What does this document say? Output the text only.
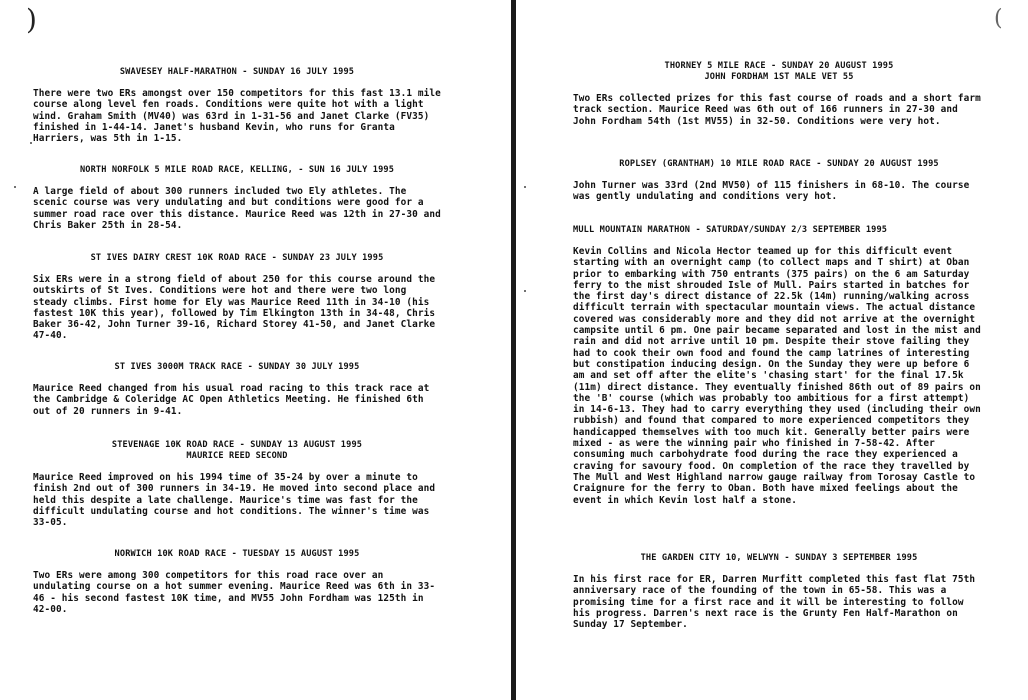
)
SWAVESEY HALF-MARATHON - SUNDAY 16 JULY 1995
There were two ERs amongst over 150 competitors for this fast 13.1 mile course along level fen roads. Conditions were quite hot with a light wind. Graham Smith (MV40) was 63rd in 1-31-56 and Janet Clarke (FV35) finished in 1-44-14. Janet's husband Kevin, who runs for Granta Harriers, was 5th in 1-15.
NORTH NORFOLK 5 MILE ROAD RACE, KELLING, - SUN 16 JULY 1995
A large field of about 300 runners included two Ely athletes. The scenic course was very undulating and but conditions were good for a summer road race over this distance. Maurice Reed was 12th in 27-30 and Chris Baker 25th in 28-54.
ST IVES DAIRY CREST 10K ROAD RACE - SUNDAY 23 JULY 1995
Six ERs were in a strong field of about 250 for this course around the outskirts of St Ives. Conditions were hot and there were two long steady climbs. First home for Ely was Maurice Reed 11th in 34-10 (his fastest 10K this year), followed by Tim Elkington 13th in 34-48, Chris Baker 36-42, John Turner 39-16, Richard Storey 41-50, and Janet Clarke 47-40.
ST IVES 3000M TRACK RACE - SUNDAY 30 JULY 1995
Maurice Reed changed from his usual road racing to this track race at the Cambridge & Coleridge AC Open Athletics Meeting. He finished 6th out of 20 runners in 9-41.
STEVENAGE 10K ROAD RACE - SUNDAY 13 AUGUST 1995
MAURICE REED SECOND
Maurice Reed improved on his 1994 time of 35-24 by over a minute to finish 2nd out of 300 runners in 34-19. He moved into second place and held this despite a late challenge. Maurice's time was fast for the difficult undulating course and hot conditions. The winner's time was 33-05.
NORWICH 10K ROAD RACE - TUESDAY 15 AUGUST 1995
Two ERs were among 300 competitors for this road race over an undulating course on a hot summer evening. Maurice Reed was 6th in 33-46 - his second fastest 10K time, and MV55 John Fordham was 125th in 42-00.
THORNEY 5 MILE RACE - SUNDAY 20 AUGUST 1995
JOHN FORDHAM 1ST MALE VET 55
Two ERs collected prizes for this fast course of roads and a short farm track section. Maurice Reed was 6th out of 166 runners in 27-30 and John Fordham 54th (1st MV55) in 32-50. Conditions were very hot.
ROPLSEY (GRANTHAM) 10 MILE ROAD RACE - SUNDAY 20 AUGUST 1995
John Turner was 33rd (2nd MV50) of 115 finishers in 68-10. The course was gently undulating and conditions very hot.
MULL MOUNTAIN MARATHON - SATURDAY/SUNDAY 2/3 SEPTEMBER 1995
Kevin Collins and Nicola Hector teamed up for this difficult event starting with an overnight camp (to collect maps and T shirt) at Oban prior to embarking with 750 entrants (375 pairs) on the 6 am Saturday ferry to the mist shrouded Isle of Mull. Pairs started in batches for the first day's direct distance of 22.5k (14m) running/walking across difficult terrain with spectacular mountain views. The actual distance covered was considerably more and they did not arrive at the overnight campsite until 6 pm. One pair became separated and lost in the mist and rain and did not arrive until 10 pm. Despite their stove failing they had to cook their own food and found the camp latrines of interesting but constipation inducing design. On the Sunday they were up before 6 am and set off after the elite's 'chasing start' for the final 17.5k (11m) direct distance. They eventually finished 86th out of 89 pairs on the 'B' course (which was probably too ambitious for a first attempt) in 14-6-13. They had to carry everything they used (including their own rubbish) and found that compared to more experienced competitors they handicapped themselves with too much kit. Generally better pairs were mixed - as were the winning pair who finished in 7-58-42. After consuming much carbohydrate food during the race they experienced a craving for savoury food. On completion of the race they travelled by The Mull and West Highland narrow gauge railway from Torosay Castle to Craignure for the ferry to Oban. Both have mixed feelings about the event in which Kevin lost half a stone.
THE GARDEN CITY 10, WELWYN - SUNDAY 3 SEPTEMBER 1995
In his first race for ER, Darren Murfitt completed this fast flat 75th anniversary race of the founding of the town in 65-58. This was a promising time for a first race and it will be interesting to follow his progress. Darren's next race is the Grunty Fen Half-Marathon on Sunday 17 September.
(
